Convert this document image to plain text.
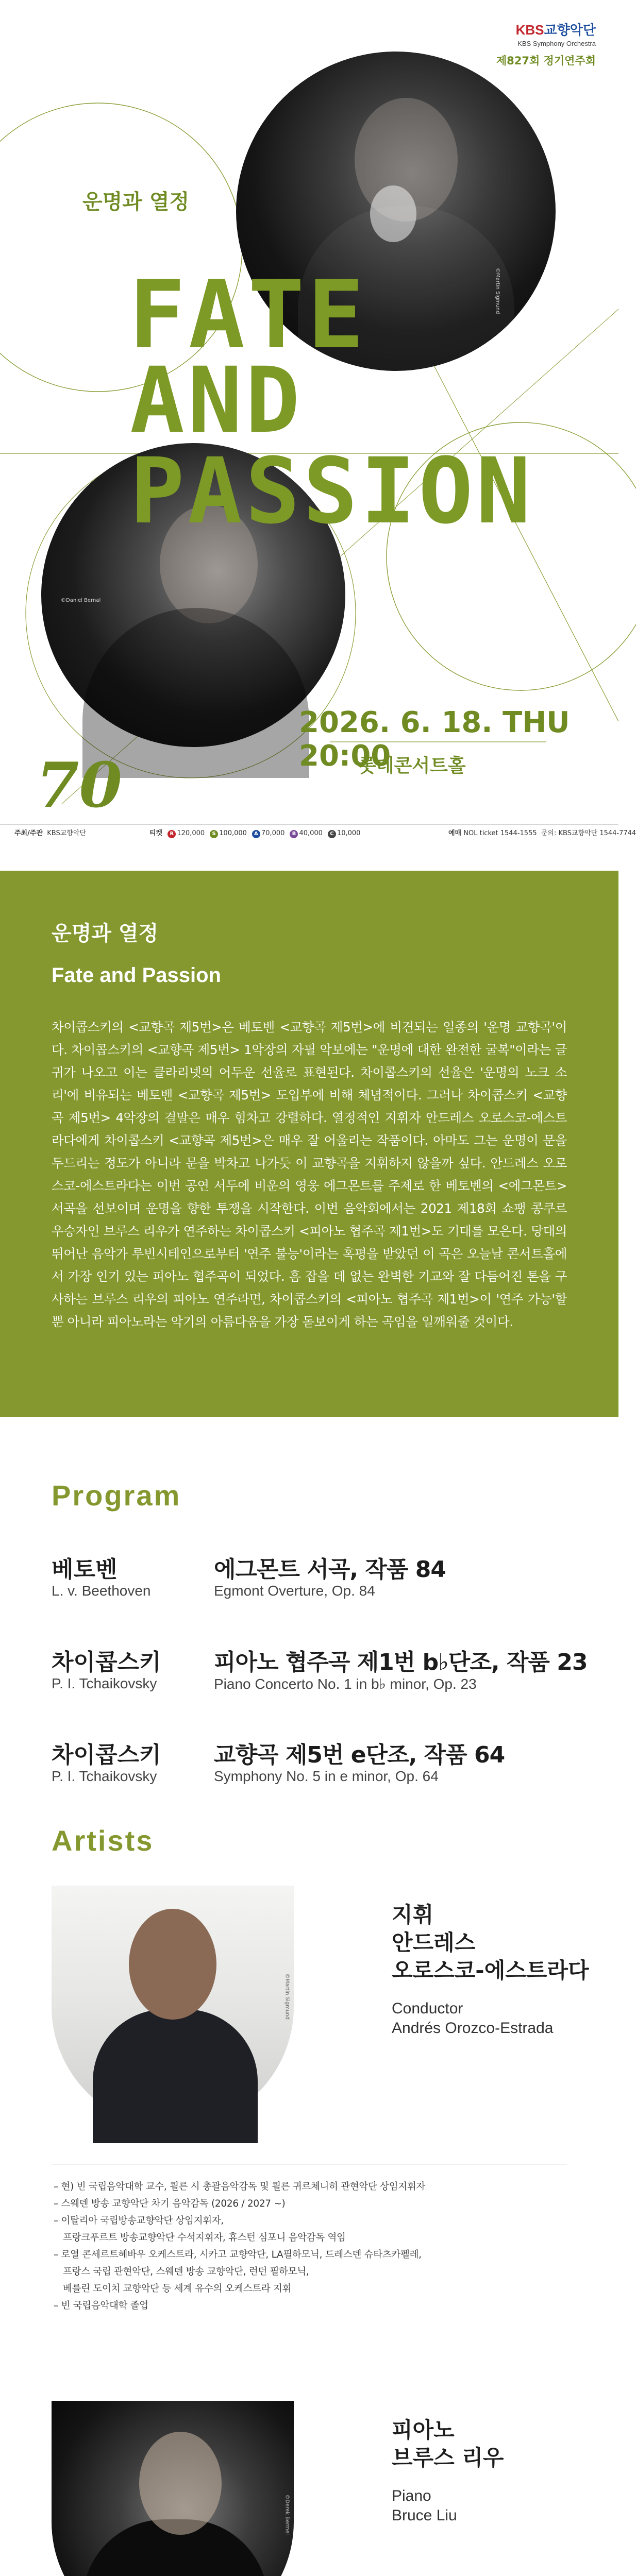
KBS교향악단
KBS Symphony Orchestra
제827회 정기연주회
©Martin Sigmund
©Daniel Bernal
운명과 열정
FATE
AND PASSION
2026. 6. 18. THU 20:00
롯데콘서트홀
70
주최/주관 KBS교향악단	티켓 R 120,000 S 100,000 A 70,000 B 40,000 C 10,000	예매 NOL ticket 1544-1555 문의: KBS교향악단 1544-7744
운명과 열정
Fate and Passion

차이콥스키의 <교향곡 제5번>은 베토벤 <교향곡 제5번>에 비견되는 일종의 '운명 교향곡'이다. 차이콥스키의 <교향곡 제5번> 1악장의 자필 악보에는 "운명에 대한 완전한 굴복"이라는 글귀가 나오고 이는 클라리넷의 어두운 선율로 표현된다. 차이콥스키의 선율은 '운명의 노크 소리'에 비유되는 베토벤 <교향곡 제5번> 도입부에 비해 체념적이다. 그러나 차이콥스키 <교향곡 제5번> 4악장의 결말은 매우 힘차고 강렬하다. 열정적인 지휘자 안드레스 오로스코-에스트라다에게 차이콥스키 <교향곡 제5번>은 매우 잘 어울리는 작품이다. 아마도 그는 운명이 문을 두드리는 정도가 아니라 문을 박차고 나가듯 이 교향곡을 지휘하지 않을까 싶다. 안드레스 오로스코-에스트라다는 이번 공연 서두에 비운의 영웅 에그몬트를 주제로 한 베토벤의 <에그몬트> 서곡을 선보이며 운명을 향한 투쟁을 시작한다. 이번 음악회에서는 2021 제18회 쇼팽 콩쿠르 우승자인 브루스 리우가 연주하는 차이콥스키 <피아노 협주곡 제1번>도 기대를 모은다. 당대의 뛰어난 음악가 루빈시테인으로부터 '연주 불능'이라는 혹평을 받았던 이 곡은 오늘날 콘서트홀에서 가장 인기 있는 피아노 협주곡이 되었다. 흠 잡을 데 없는 완벽한 기교와 잘 다듬어진 톤을 구사하는 브루스 리우의 피아노 연주라면, 차이콥스키의 <피아노 협주곡 제1번>이 '연주 가능'할 뿐 아니라 피아노라는 악기의 아름다움을 가장 돋보이게 하는 곡임을 일깨워줄 것이다.

Program
베토벤
L. v. Beethoven
에그몬트 서곡, 작품 84
Egmont Overture, Op. 84
차이콥스키
P. I. Tchaikovsky
피아노 협주곡 제1번 b♭단조, 작품 23
Piano Concerto No. 1 in b♭ minor, Op. 23
차이콥스키
P. I. Tchaikovsky
교향곡 제5번 e단조, 작품 64
Symphony No. 5 in e minor, Op. 64
Artists
©Martin Sigmund
지휘
안드레스
오로스코-에스트라다
Conductor
Andrés Orozco-Estrada
– 현) 빈 국립음악대학 교수, 쾰른 시 총괄음악감독 및 쾰른 귀르체니히 관현악단 상임지휘자
– 스웨덴 방송 교향악단 차기 음악감독 (2026 / 2027 ~)
– 이탈리아 국립방송교향악단 상임지휘자,
프랑크푸르트 방송교향악단 수석지휘자, 휴스턴 심포니 음악감독 역임
– 로열 콘세르트헤바우 오케스트라, 시카고 교향악단, LA필하모닉, 드레스덴 슈타츠카펠레,
프랑스 국립 관현악단, 스웨덴 방송 교향악단, 런던 필하모닉,
베를린 도이치 교향악단 등 세계 유수의 오케스트라 지휘
– 빈 국립음악대학 졸업
©Derek Bermel
피아노
브루스 리우
Piano
Bruce Liu
